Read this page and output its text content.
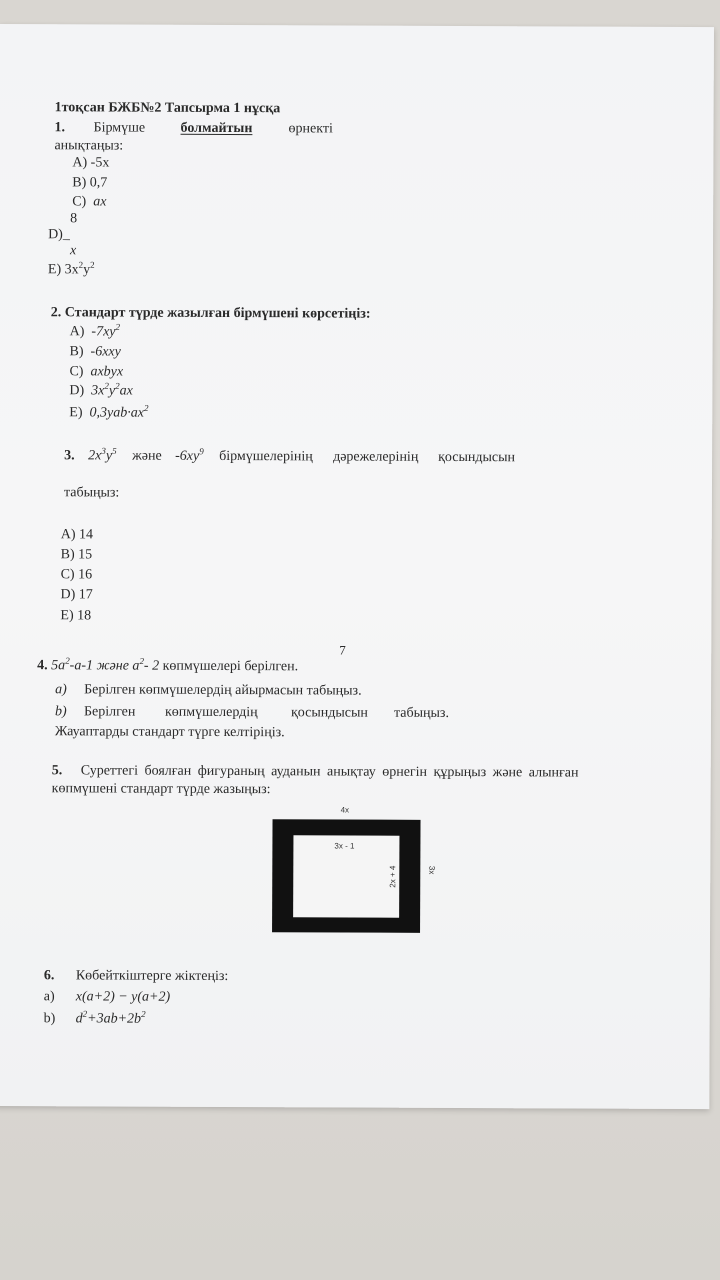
1тоқсан БЖБ№2 Тапсырма 1 нұсқа
1. Бірмүше	болмайтын	өрнекті
анықтаңыз:
A) -5x
B) 0,7
C) ax
8
D)_
x
E) $3x^2y^2$
2. Стандарт түрде жазылған бірмүшені көрсетіңіз:
A) $-7xy^2$
B) -6xxy
C) axbyx
D) $3x^2y^2ax$
E) $0,3yab\cdot ax^2$
3. $2x^3y^5$ және $-6xy^9$ бірмүшелерінің дәрежелерінің қосындысын
табыңыз:
A) 14
B) 15
C) 16
D) 17
E) 18
7
4. $5a^2-a-1$ және $a^2-$ 2 көпмүшелері берілген.
a) Берілген көпмүшелердің айырмасын табыңыз.
b) Берілген көпмүшелердің қосындысын табыңыз.
Жауаптарды стандарт түрге келтіріңіз.
5. Суреттегі боялған фигураның ауданын анықтау өрнегін құрыңыз және алынған
көпмүшені стандарт түрде жазыңыз:
4x
3x - 1
2x + 4	3x
6. Көбейткіштерге жіктеңіз:
a) x(a+2) − y(a+2)
b) $d^2+3ab+2b^2$
